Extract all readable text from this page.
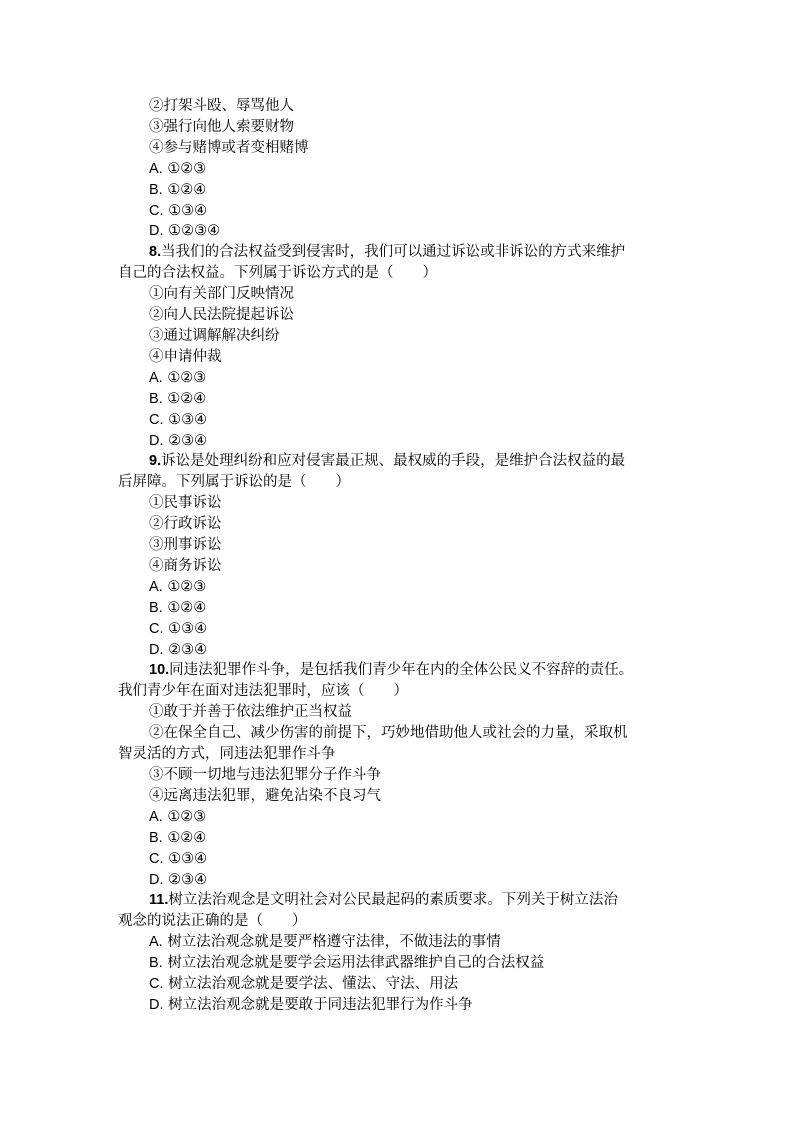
②打架斗殴、辱骂他人
③强行向他人索要财物
④参与赌博或者变相赌博
A. ①②③
B. ①②④
C. ①③④
D. ①②③④
8.当我们的合法权益受到侵害时，我们可以通过诉讼或非诉讼的方式来维护
自己的合法权益。下列属于诉讼方式的是（　　）
①向有关部门反映情况
②向人民法院提起诉讼
③通过调解解决纠纷
④申请仲裁
A. ①②③
B. ①②④
C. ①③④
D. ②③④
9.诉讼是处理纠纷和应对侵害最正规、最权威的手段，是维护合法权益的最
后屏障。下列属于诉讼的是（　　）
①民事诉讼
②行政诉讼
③刑事诉讼
④商务诉讼
A. ①②③
B. ①②④
C. ①③④
D. ②③④
10.同违法犯罪作斗争，是包括我们青少年在内的全体公民义不容辞的责任。
我们青少年在面对违法犯罪时，应该（　　）
①敢于并善于依法维护正当权益
②在保全自己、减少伤害的前提下，巧妙地借助他人或社会的力量，采取机
智灵活的方式，同违法犯罪作斗争
③不顾一切地与违法犯罪分子作斗争
④远离违法犯罪，避免沾染不良习气
A. ①②③
B. ①②④
C. ①③④
D. ②③④
11.树立法治观念是文明社会对公民最起码的素质要求。下列关于树立法治
观念的说法正确的是（　　）
A. 树立法治观念就是要严格遵守法律，不做违法的事情
B. 树立法治观念就是要学会运用法律武器维护自己的合法权益
C. 树立法治观念就是要学法、懂法、守法、用法
D. 树立法治观念就是要敢于同违法犯罪行为作斗争
